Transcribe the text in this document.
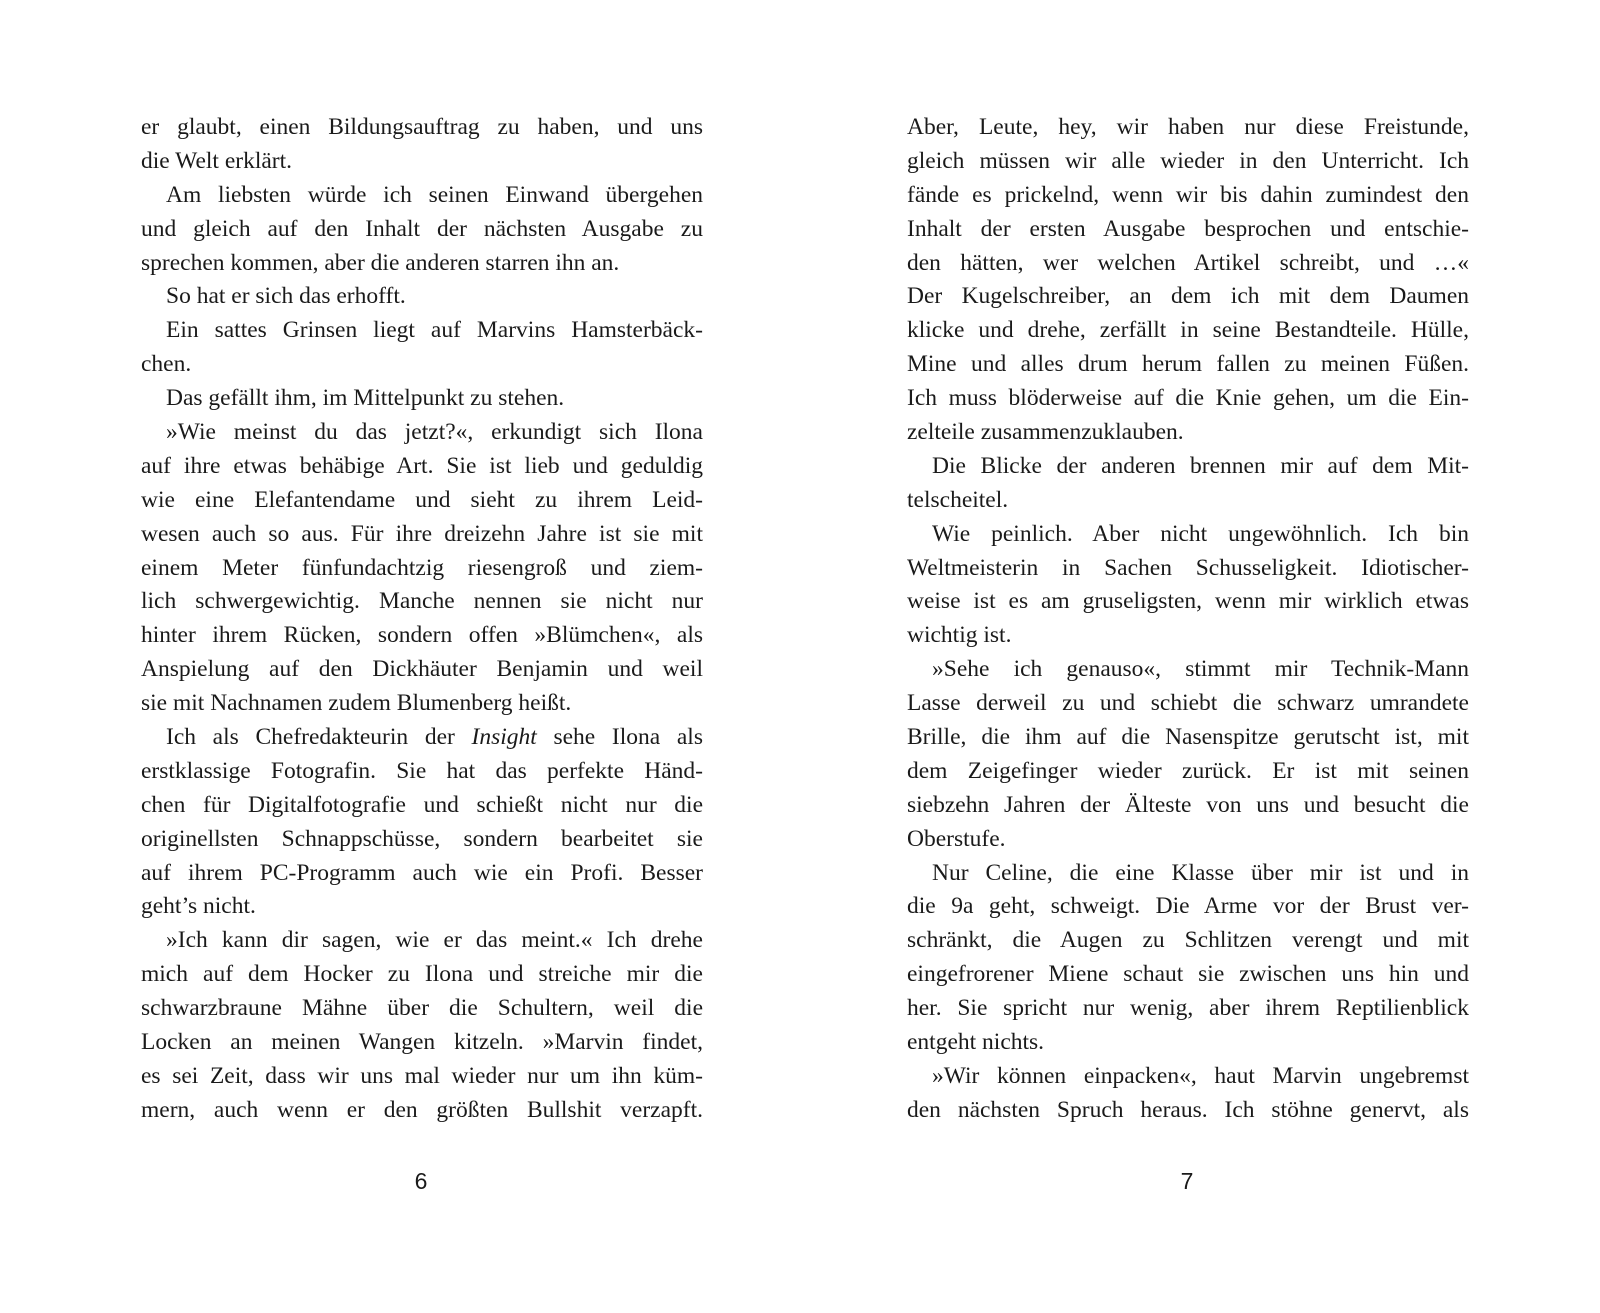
er glaubt, einen Bildungsauftrag zu haben, und uns
die Welt erklärt.
Am liebsten würde ich seinen Einwand übergehen
und gleich auf den Inhalt der nächsten Ausgabe zu
sprechen kommen, aber die anderen starren ihn an.
So hat er sich das erhofft.
Ein sattes Grinsen liegt auf Marvins Hamsterbäck-
chen.
Das gefällt ihm, im Mittelpunkt zu stehen.
»Wie meinst du das jetzt?«, erkundigt sich Ilona
auf ihre etwas behäbige Art. Sie ist lieb und geduldig
wie eine Elefantendame und sieht zu ihrem Leid-
wesen auch so aus. Für ihre dreizehn Jahre ist sie mit
einem Meter fünfundachtzig riesengroß und ziem-
lich schwergewichtig. Manche nennen sie nicht nur
hinter ihrem Rücken, sondern offen »Blümchen«, als
Anspielung auf den Dickhäuter Benjamin und weil
sie mit Nachnamen zudem Blumenberg heißt.
Ich als Chefredakteurin der Insight sehe Ilona als
erstklassige Fotografin. Sie hat das perfekte Händ-
chen für Digitalfotografie und schießt nicht nur die
originellsten Schnappschüsse, sondern bearbeitet sie
auf ihrem PC-Programm auch wie ein Profi. Besser
geht’s nicht.
»Ich kann dir sagen, wie er das meint.« Ich drehe
mich auf dem Hocker zu Ilona und streiche mir die
schwarzbraune Mähne über die Schultern, weil die
Locken an meinen Wangen kitzeln. »Marvin findet,
es sei Zeit, dass wir uns mal wieder nur um ihn küm-
mern, auch wenn er den größten Bullshit verzapft.
6
Aber, Leute, hey, wir haben nur diese Freistunde,
gleich müssen wir alle wieder in den Unterricht. Ich
fände es prickelnd, wenn wir bis dahin zumindest den
Inhalt der ersten Ausgabe besprochen und entschie-
den hätten, wer welchen Artikel schreibt, und …«
Der Kugelschreiber, an dem ich mit dem Daumen
klicke und drehe, zerfällt in seine Bestandteile. Hülle,
Mine und alles drum herum fallen zu meinen Füßen.
Ich muss blöderweise auf die Knie gehen, um die Ein-
zelteile zusammenzuklauben.
Die Blicke der anderen brennen mir auf dem Mit-
telscheitel.
Wie peinlich. Aber nicht ungewöhnlich. Ich bin
Weltmeisterin in Sachen Schusseligkeit. Idiotischer-
weise ist es am gruseligsten, wenn mir wirklich etwas
wichtig ist.
»Sehe ich genauso«, stimmt mir Technik-Mann
Lasse derweil zu und schiebt die schwarz umrandete
Brille, die ihm auf die Nasenspitze gerutscht ist, mit
dem Zeigefinger wieder zurück. Er ist mit seinen
siebzehn Jahren der Älteste von uns und besucht die
Oberstufe.
Nur Celine, die eine Klasse über mir ist und in
die 9a geht, schweigt. Die Arme vor der Brust ver-
schränkt, die Augen zu Schlitzen verengt und mit
eingefrorener Miene schaut sie zwischen uns hin und
her. Sie spricht nur wenig, aber ihrem Reptilienblick
entgeht nichts.
»Wir können einpacken«, haut Marvin ungebremst
den nächsten Spruch heraus. Ich stöhne genervt, als
7
